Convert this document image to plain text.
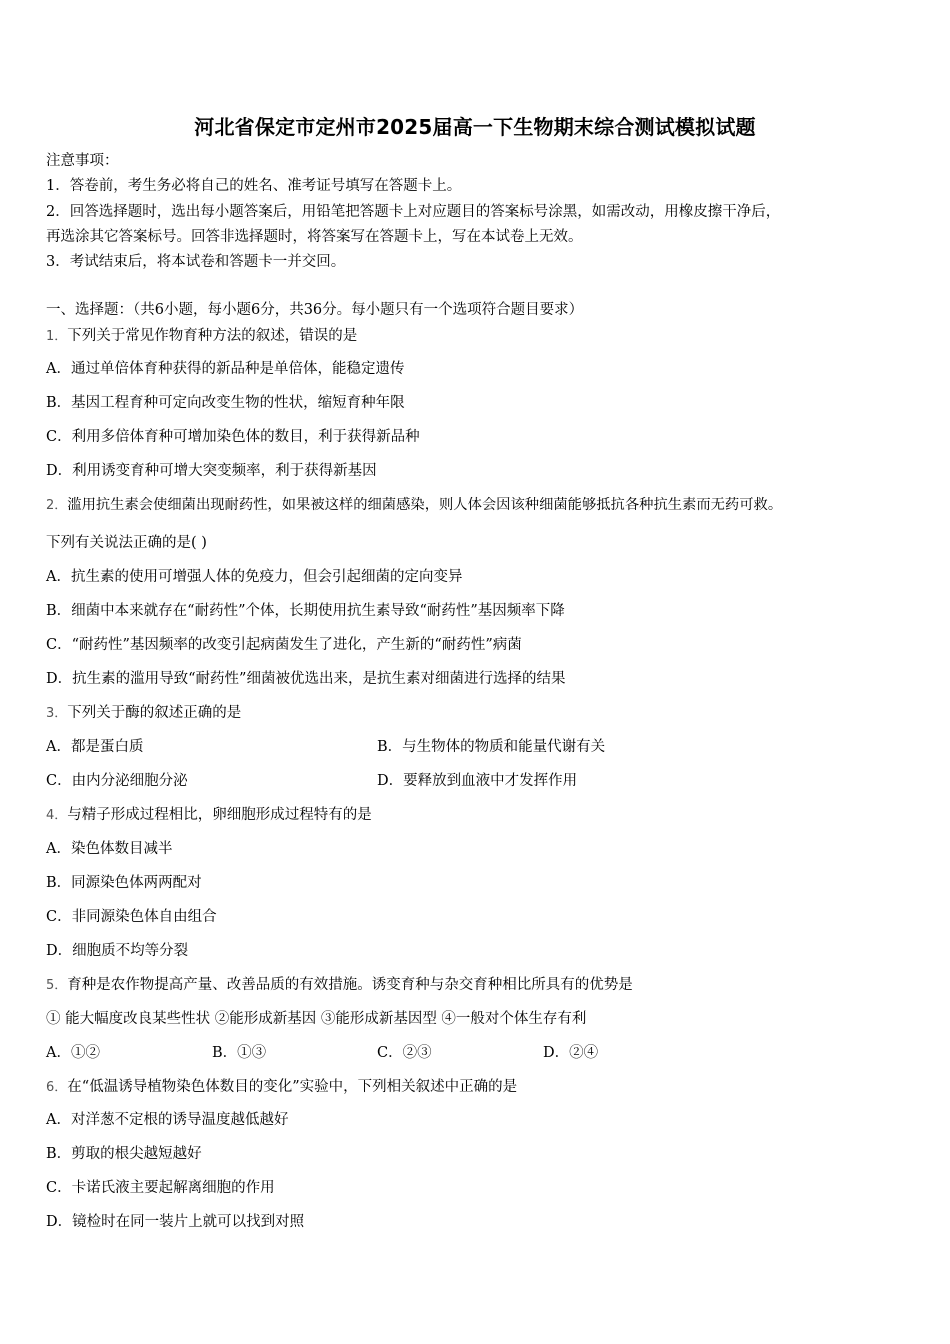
河北省保定市定州市2025届高一下生物期末综合测试模拟试题
注意事项：
1．答卷前，考生务必将自己的姓名、准考证号填写在答题卡上。
2．回答选择题时，选出每小题答案后，用铅笔把答题卡上对应题目的答案标号涂黑，如需改动，用橡皮擦干净后，
再选涂其它答案标号。回答非选择题时，将答案写在答题卡上，写在本试卷上无效。
3．考试结束后，将本试卷和答题卡一并交回。
一、选择题：（共6小题，每小题6分，共36分。每小题只有一个选项符合题目要求）
1．下列关于常见作物育种方法的叙述，错误的是
A．通过单倍体育种获得的新品种是单倍体，能稳定遗传
B．基因工程育种可定向改变生物的性状，缩短育种年限
C．利用多倍体育种可增加染色体的数目，利于获得新品种
D．利用诱变育种可增大突变频率，利于获得新基因
2．滥用抗生素会使细菌出现耐药性，如果被这样的细菌感染，则人体会因该种细菌能够抵抗各种抗生素而无药可救。
下列有关说法正确的是( )
A．抗生素的使用可增强人体的免疫力，但会引起细菌的定向变异
B．细菌中本来就存在“耐药性”个体，长期使用抗生素导致“耐药性”基因频率下降
C．“耐药性”基因频率的改变引起病菌发生了进化，产生新的“耐药性”病菌
D．抗生素的滥用导致“耐药性”细菌被优选出来，是抗生素对细菌进行选择的结果
3．下列关于酶的叙述正确的是
A．都是蛋白质	B．与生物体的物质和能量代谢有关
C．由内分泌细胞分泌	D．要释放到血液中才发挥作用
4．与精子形成过程相比，卵细胞形成过程特有的是
A．染色体数目减半
B．同源染色体两两配对
C．非同源染色体自由组合
D．细胞质不均等分裂
5．育种是农作物提高产量、改善品质的有效措施。诱变育种与杂交育种相比所具有的优势是
① 能大幅度改良某些性状 ②能形成新基因 ③能形成新基因型 ④一般对个体生存有利
A．①②	B．①③	C．②③	D．②④
6．在“低温诱导植物染色体数目的变化”实验中，下列相关叙述中正确的是
A．对洋葱不定根的诱导温度越低越好
B．剪取的根尖越短越好
C．卡诺氏液主要起解离细胞的作用
D．镜检时在同一装片上就可以找到对照
